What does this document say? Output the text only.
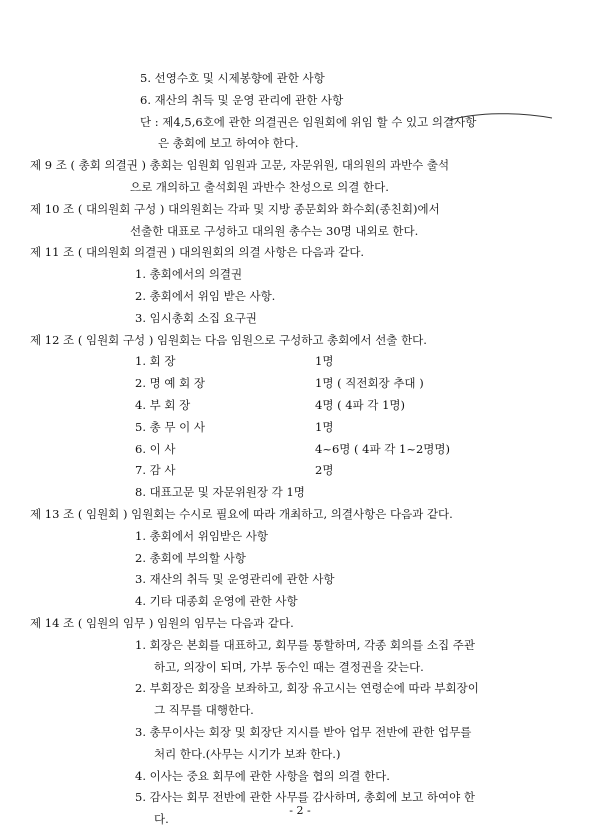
5. 선영수호 및 시제봉향에 관한 사항
6. 재산의 취득 및 운영 관리에 관한 사항
단 : 제4,5,6호에 관한 의결권은 임원회에 위임 할 수 있고 의결사항
은 총회에 보고 하여야 한다.
제 9 조 ( 총회 의결권 ) 총회는 임원회 임원과 고문, 자문위원, 대의원의 과반수 출석
으로 개의하고 출석회원 과반수 찬성으로 의결 한다.
제 10 조 ( 대의원회 구성 ) 대의원회는 각파 및 지방 종문회와 화수회(종친회)에서
선출한 대표로 구성하고 대의원 총수는 30명 내외로 한다.
제 11 조 ( 대의원회 의결권 ) 대의원회의 의결 사항은 다음과 같다.
1. 총회에서의 의결권
2. 총회에서 위임 받은 사항.
3. 임시총회 소집 요구권
제 12 조 ( 임원회 구성 ) 임원회는 다음 임원으로 구성하고 총회에서 선출 한다.
1. 회 장	1명
2. 명 예 회 장	1명 ( 직전회장 추대 )
4. 부 회 장	4명 ( 4파 각 1명)
5. 총 무 이 사	1명
6. 이 사	4~6명 ( 4파 각 1~2명명)
7. 감 사	2명
8. 대표고문 및 자문위원장 각 1명
제 13 조 ( 임원회 ) 임원회는 수시로 필요에 따라 개최하고, 의결사항은 다음과 같다.
1. 총회에서 위임받은 사항
2. 총회에 부의할 사항
3. 재산의 취득 및 운영관리에 관한 사항
4. 기타 대종회 운영에 관한 사항
제 14 조 ( 임원의 임무 ) 임원의 임무는 다음과 같다.
1. 회장은 본회를 대표하고, 회무를 통할하며, 각종 회의를 소집 주관
하고, 의장이 되며, 가부 동수인 때는 결정권을 갖는다.
2. 부회장은 회장을 보좌하고, 회장 유고시는 연령순에 따라 부회장이
그 직무를 대행한다.
3. 총무이사는 회장 및 회장단 지시를 받아 업무 전반에 관한 업무를
- 2 -
처리 한다.(사무는 시기가 보좌 한다.)
4. 이사는 중요 회무에 관한 사항을 협의 의결 한다.
5. 감사는 회무 전반에 관한 사무를 감사하며, 총회에 보고 하여야 한
다.
